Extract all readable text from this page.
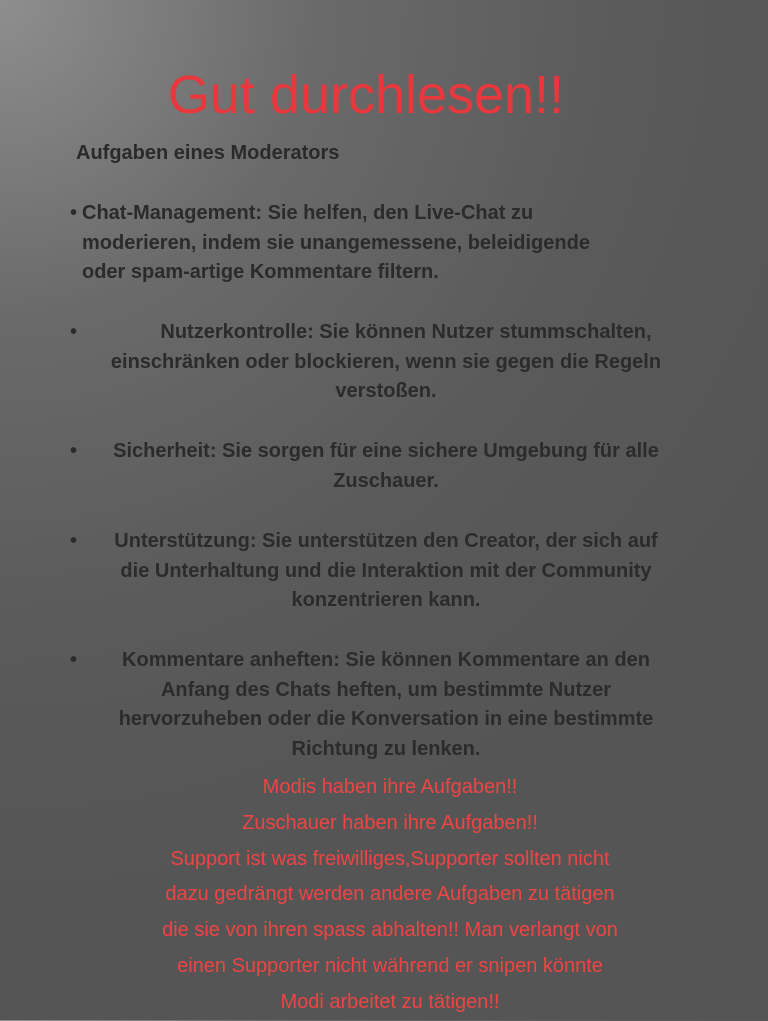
Gut durchlesen!!
Aufgaben eines Moderators
• Chat-Management: Sie helfen, den Live-Chat zu
moderieren, indem sie unangemessene, beleidigende
oder spam-artige Kommentare filtern.
•	Nutzerkontrolle: Sie können Nutzer stummschalten,
einschränken oder blockieren, wenn sie gegen die Regeln
verstoßen.
•	Sicherheit: Sie sorgen für eine sichere Umgebung für alle
Zuschauer.
•	Unterstützung: Sie unterstützen den Creator, der sich auf
die Unterhaltung und die Interaktion mit der Community
konzentrieren kann.
•	Kommentare anheften: Sie können Kommentare an den
Anfang des Chats heften, um bestimmte Nutzer
hervorzuheben oder die Konversation in eine bestimmte
Richtung zu lenken.
Modis haben ihre Aufgaben!!
Zuschauer haben ihre Aufgaben!!
Support ist was freiwilliges,Supporter sollten nicht
dazu gedrängt werden andere Aufgaben zu tätigen
die sie von ihren spass abhalten!! Man verlangt von
einen Supporter nicht während er snipen könnte
Modi arbeitet zu tätigen!!
